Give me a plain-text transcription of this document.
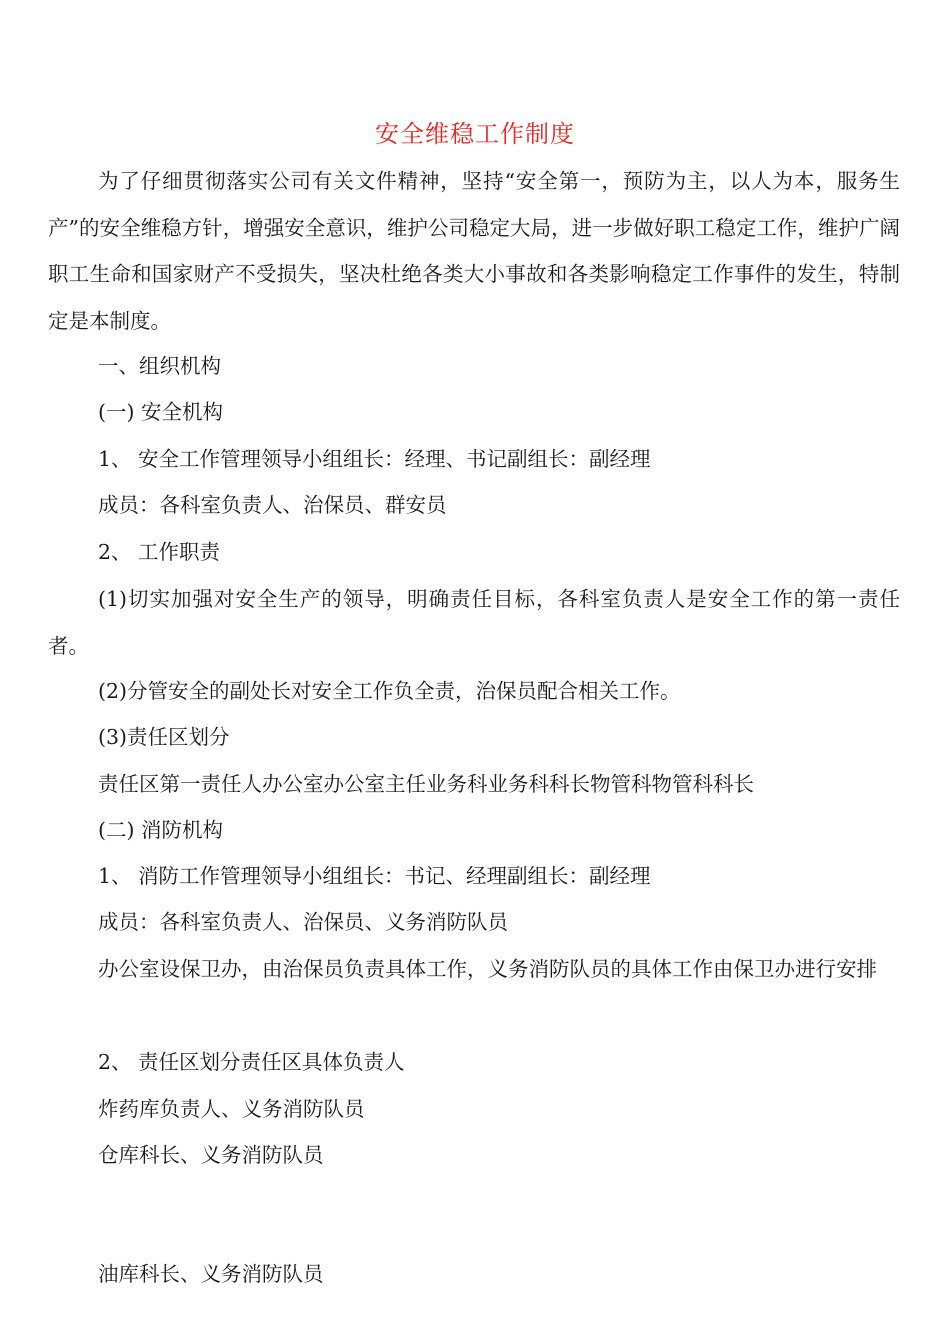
安全维稳工作制度

为了仔细贯彻落实公司有关文件精神，坚持“安全第一，预防为主，以人为本，服务生产”的安全维稳方针，增强安全意识，维护公司稳定大局，进一步做好职工稳定工作，维护广阔职工生命和国家财产不受损失，坚决杜绝各类大小事故和各类影响稳定工作事件的发生，特制定是本制度。

一、组织机构

(一) 安全机构

1、 安全工作管理领导小组组长：经理、书记副组长：副经理

成员：各科室负责人、治保员、群安员

2、 工作职责

(1)切实加强对安全生产的领导，明确责任目标，各科室负责人是安全工作的第一责任者。

(2)分管安全的副处长对安全工作负全责，治保员配合相关工作。

(3)责任区划分

责任区第一责任人办公室办公室主任业务科业务科科长物管科物管科科长

(二) 消防机构

1、 消防工作管理领导小组组长：书记、经理副组长：副经理

成员：各科室负责人、治保员、义务消防队员

办公室设保卫办，由治保员负责具体工作，义务消防队员的具体工作由保卫办进行安排

2、 责任区划分责任区具体负责人

炸药库负责人、义务消防队员

仓库科长、义务消防队员

油库科长、义务消防队员
